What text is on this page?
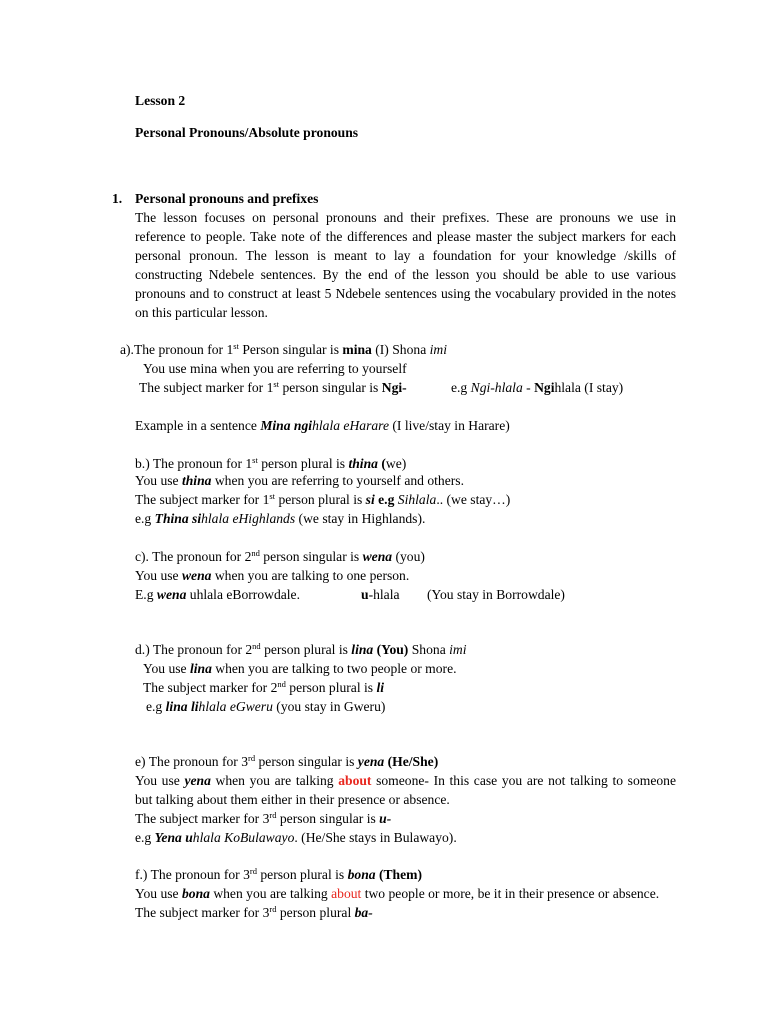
Lesson 2
Personal Pronouns/Absolute pronouns
1. Personal pronouns and prefixes
The lesson focuses on personal pronouns and their prefixes. These are pronouns we use in
reference to people. Take note of the differences and please master the subject markers for each
personal pronoun. The lesson is meant to lay a foundation for your knowledge /skills of
constructing Ndebele sentences. By the end of the lesson you should be able to use various
pronouns and to construct at least 5 Ndebele sentences using the vocabulary provided in the notes
on this particular lesson.
a).The pronoun for 1st Person singular is mina (I) Shona imi
You use mina when you are referring to yourself
The subject marker for 1st person singular is Ngi-	e.g Ngi-hlala - Ngihlala (I stay)
Example in a sentence Mina ngihlala eHarare (I live/stay in Harare)
b.) The pronoun for 1st person plural is thina (we)
You use thina when you are referring to yourself and others.
The subject marker for 1st person plural is si e.g Sihlala.. (we stay…)
e.g Thina sihlala eHighlands (we stay in Highlands).
c). The pronoun for 2nd person singular is wena (you)
You use wena when you are talking to one person.
E.g wena uhlala eBorrowdale.	u-hlala (You stay in Borrowdale)
d.) The pronoun for 2nd person plural is lina (You) Shona imi
You use lina when you are talking to two people or more.
The subject marker for 2nd person plural is li
e.g lina lihlala eGweru (you stay in Gweru)
e) The pronoun for 3rd person singular is yena (He/She)
You use yena when you are talking about someone- In this case you are not talking to someone
but talking about them either in their presence or absence.
The subject marker for 3rd person singular is u-
e.g Yena uhlala KoBulawayo. (He/She stays in Bulawayo).
f.) The pronoun for 3rd person plural is bona (Them)
You use bona when you are talking about two people or more, be it in their presence or absence.
The subject marker for 3rd person plural ba-
